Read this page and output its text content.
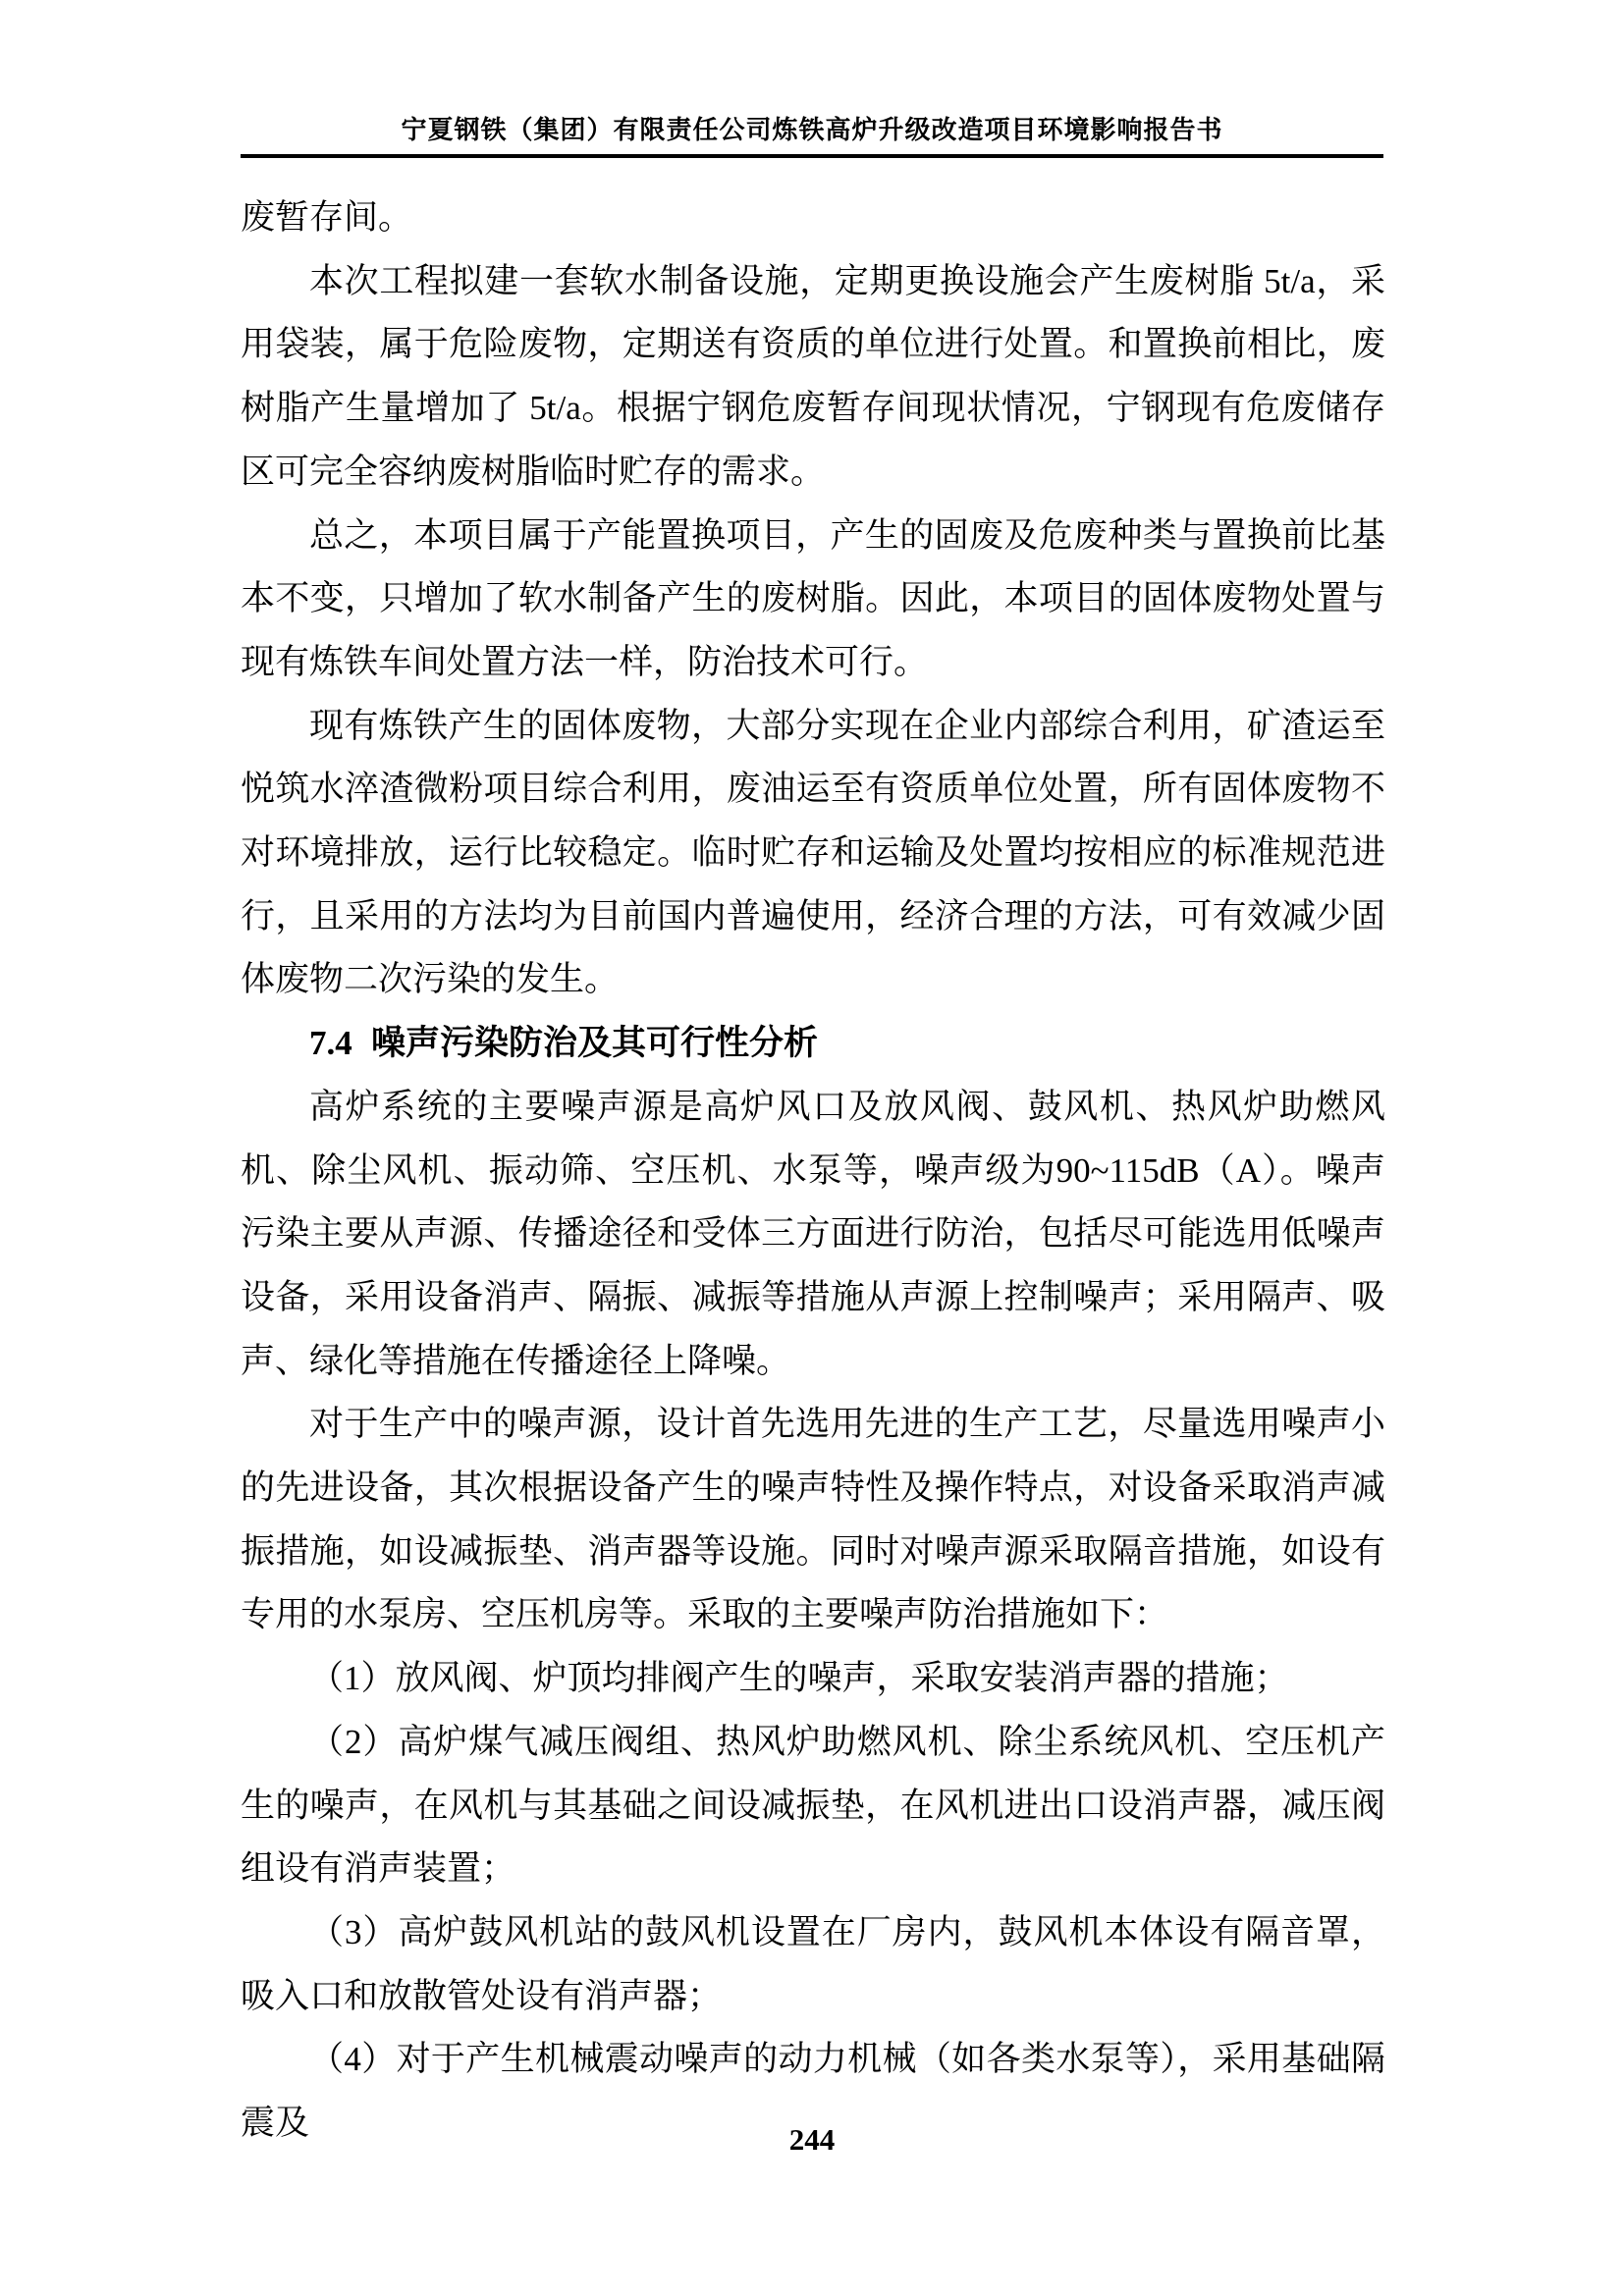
宁夏钢铁（集团）有限责任公司炼铁高炉升级改造项目环境影响报告书

废暂存间。

本次工程拟建一套软水制备设施，定期更换设施会产生废树脂 5t/a，采用袋装，属于危险废物，定期送有资质的单位进行处置。和置换前相比，废树脂产生量增加了 5t/a。根据宁钢危废暂存间现状情况，宁钢现有危废储存区可完全容纳废树脂临时贮存的需求。

总之，本项目属于产能置换项目，产生的固废及危废种类与置换前比基本不变，只增加了软水制备产生的废树脂。因此，本项目的固体废物处置与现有炼铁车间处置方法一样，防治技术可行。

现有炼铁产生的固体废物，大部分实现在企业内部综合利用，矿渣运至悦筑水淬渣微粉项目综合利用，废油运至有资质单位处置，所有固体废物不对环境排放，运行比较稳定。临时贮存和运输及处置均按相应的标准规范进行，且采用的方法均为目前国内普遍使用，经济合理的方法，可有效减少固体废物二次污染的发生。

7.4 噪声污染防治及其可行性分析

高炉系统的主要噪声源是高炉风口及放风阀、鼓风机、热风炉助燃风机、除尘风机、振动筛、空压机、水泵等，噪声级为90~115dB（A）。噪声污染主要从声源、传播途径和受体三方面进行防治，包括尽可能选用低噪声设备，采用设备消声、隔振、减振等措施从声源上控制噪声；采用隔声、吸声、绿化等措施在传播途径上降噪。

对于生产中的噪声源，设计首先选用先进的生产工艺，尽量选用噪声小的先进设备，其次根据设备产生的噪声特性及操作特点，对设备采取消声减振措施，如设减振垫、消声器等设施。同时对噪声源采取隔音措施，如设有专用的水泵房、空压机房等。采取的主要噪声防治措施如下：

（1）放风阀、炉顶均排阀产生的噪声，采取安装消声器的措施；

（2）高炉煤气减压阀组、热风炉助燃风机、除尘系统风机、空压机产生的噪声，在风机与其基础之间设减振垫，在风机进出口设消声器，减压阀组设有消声装置；

（3）高炉鼓风机站的鼓风机设置在厂房内，鼓风机本体设有隔音罩，吸入口和放散管处设有消声器；

（4）对于产生机械震动噪声的动力机械（如各类水泵等），采用基础隔震及	244
